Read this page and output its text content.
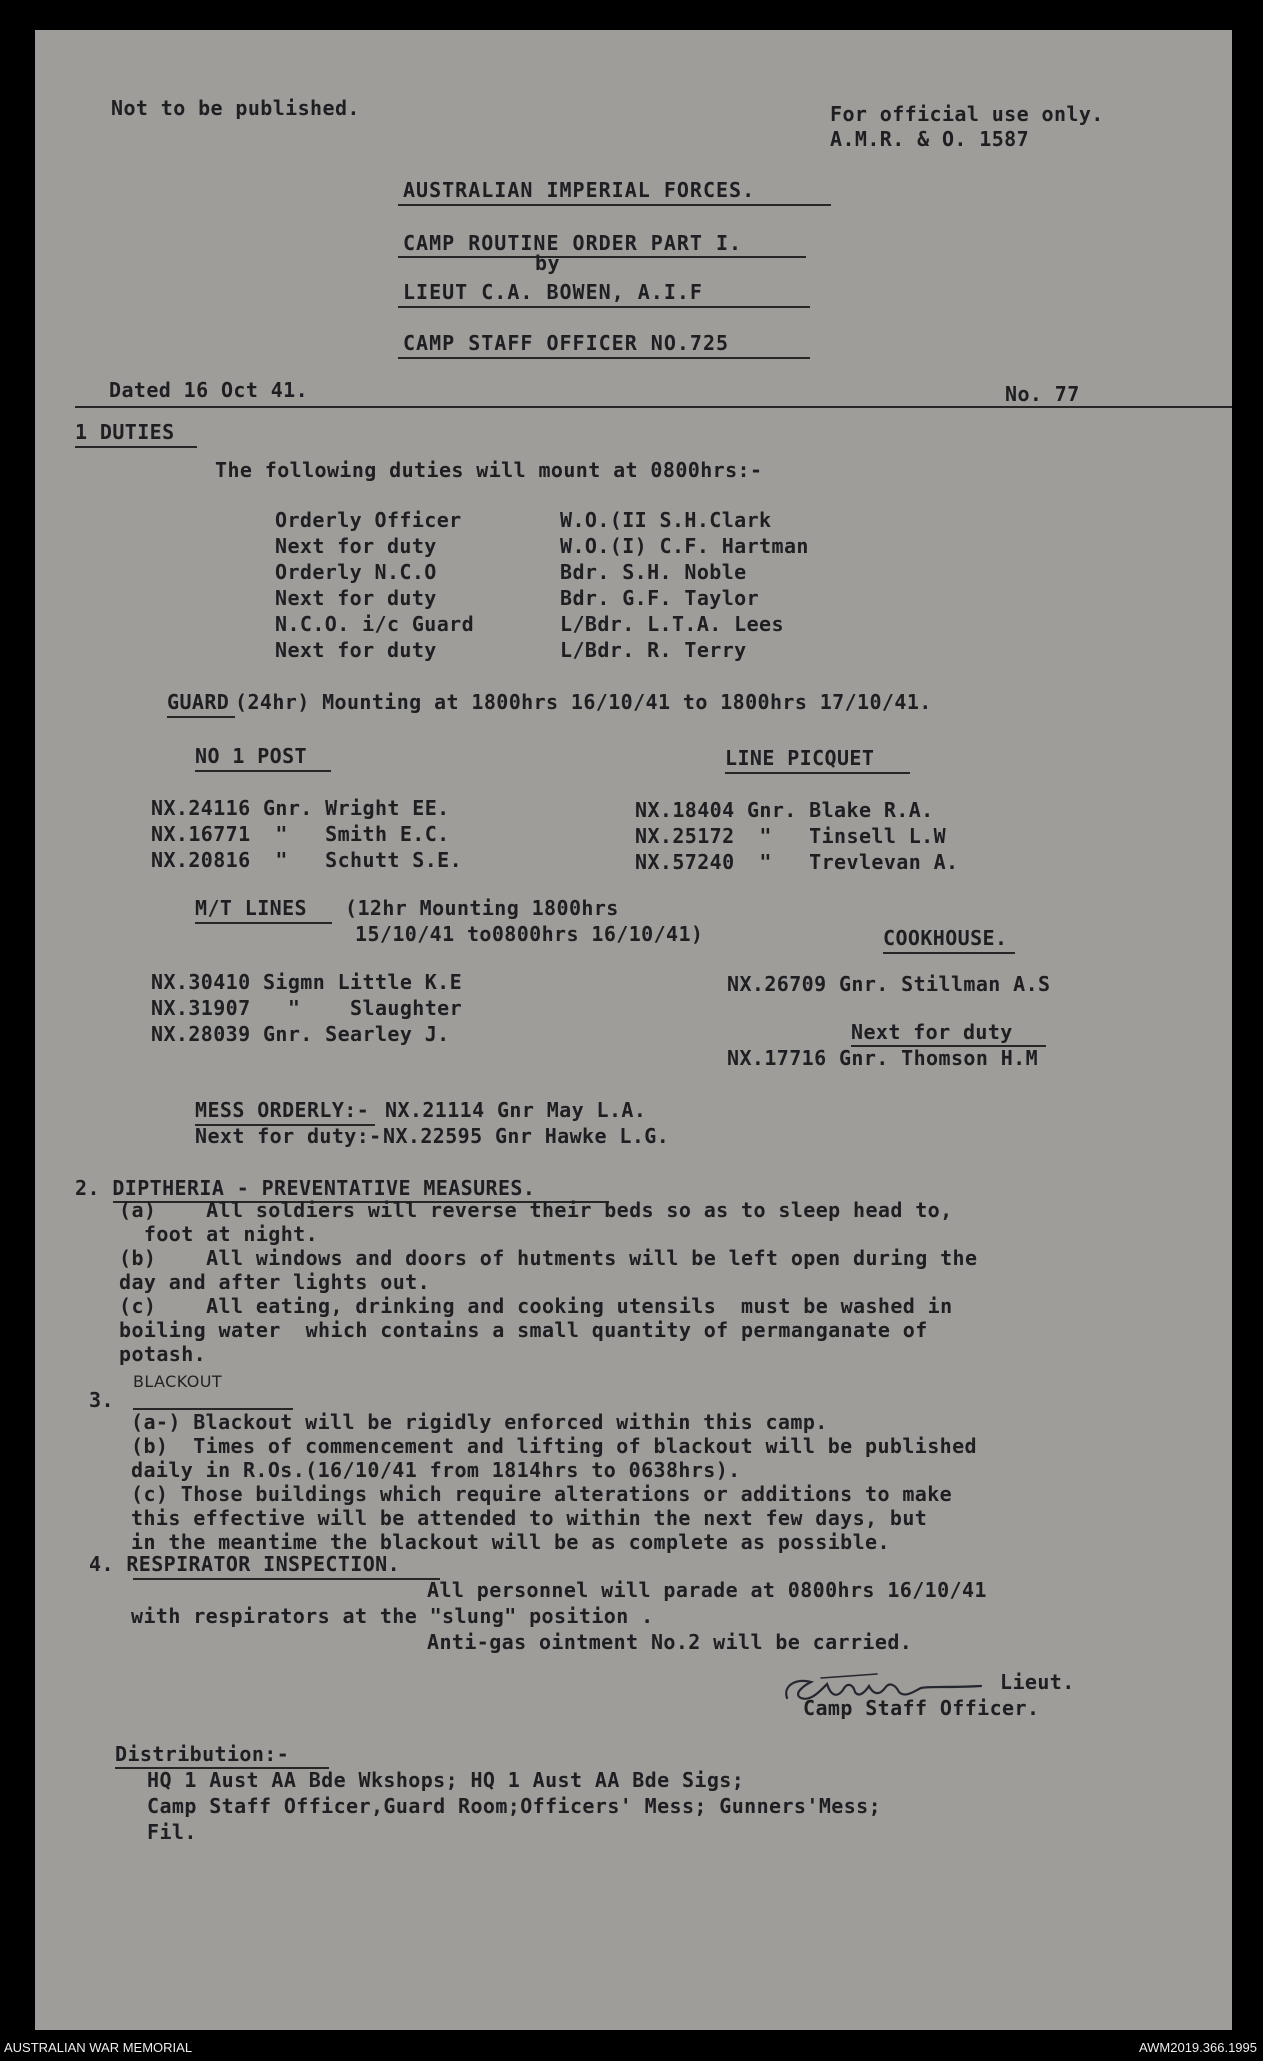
Not to be published.	For official use only.
A.M.R. & O. 1587
AUSTRALIAN IMPERIAL FORCES.
CAMP ROUTINE ORDER PART I.
by
LIEUT C.A. BOWEN, A.I.F
CAMP STAFF OFFICER NO.725
Dated 16 Oct 41.	No. 77
1 DUTIES
The following duties will mount at 0800hrs:-
Orderly Officer	W.O.(II S.H.Clark
Next for duty	W.O.(I) C.F. Hartman
Orderly N.C.O	Bdr. S.H. Noble
Next for duty	Bdr. G.F. Taylor
N.C.O. i/c Guard	L/Bdr. L.T.A. Lees
Next for duty	L/Bdr. R. Terry
GUARD (24hr) Mounting at 1800hrs 16/10/41 to 1800hrs 17/10/41.
NO 1 POST
NX.24116 Gnr. Wright EE.
NX.16771  "   Smith E.C.
NX.20816  "   Schutt S.E.
LINE PICQUET
NX.18404 Gnr. Blake R.A.
NX.25172  "   Tinsell L.W
NX.57240  "   Trevlevan A.
M/T LINES (12hr Mounting 1800hrs
15/10/41 to0800hrs 16/10/41)
NX.30410 Sigmn Little K.E
NX.31907   "    Slaughter
NX.28039 Gnr. Searley J.
COOKHOUSE.
NX.26709 Gnr. Stillman A.S
Next for duty
NX.17716 Gnr. Thomson H.M
MESS ORDERLY:- NX.21114 Gnr May L.A.
Next for duty:- NX.22595 Gnr Hawke L.G.
2. DIPTHERIA - PREVENTATIVE MEASURES.
(a)    All soldiers will reverse their beds so as to sleep head to,
foot at night.
(b)    All windows and doors of hutments will be left open during the
day and after lights out.
(c)    All eating, drinking and cooking utensils  must be washed in
boiling water  which contains a small quantity of permanganate of
potash.
3.
BLACKOUT
(a-) Blackout will be rigidly enforced within this camp.
(b)  Times of commencement and lifting of blackout will be published
daily in R.Os.(16/10/41 from 1814hrs to 0638hrs).
(c) Those buildings which require alterations or additions to make
this effective will be attended to within the next few days, but
in the meantime the blackout will be as complete as possible.
4. RESPIRATOR INSPECTION.
All personnel will parade at 0800hrs 16/10/41
with respirators at the "slung" position .
Anti-gas ointment No.2 will be carried.
Lieut.
Camp Staff Officer.
Distribution:-
HQ 1 Aust AA Bde Wkshops; HQ 1 Aust AA Bde Sigs;
Camp Staff Officer,Guard Room;Officers' Mess; Gunners'Mess;
Fil.
AUSTRALIAN WAR MEMORIAL	AWM2019.366.1995
